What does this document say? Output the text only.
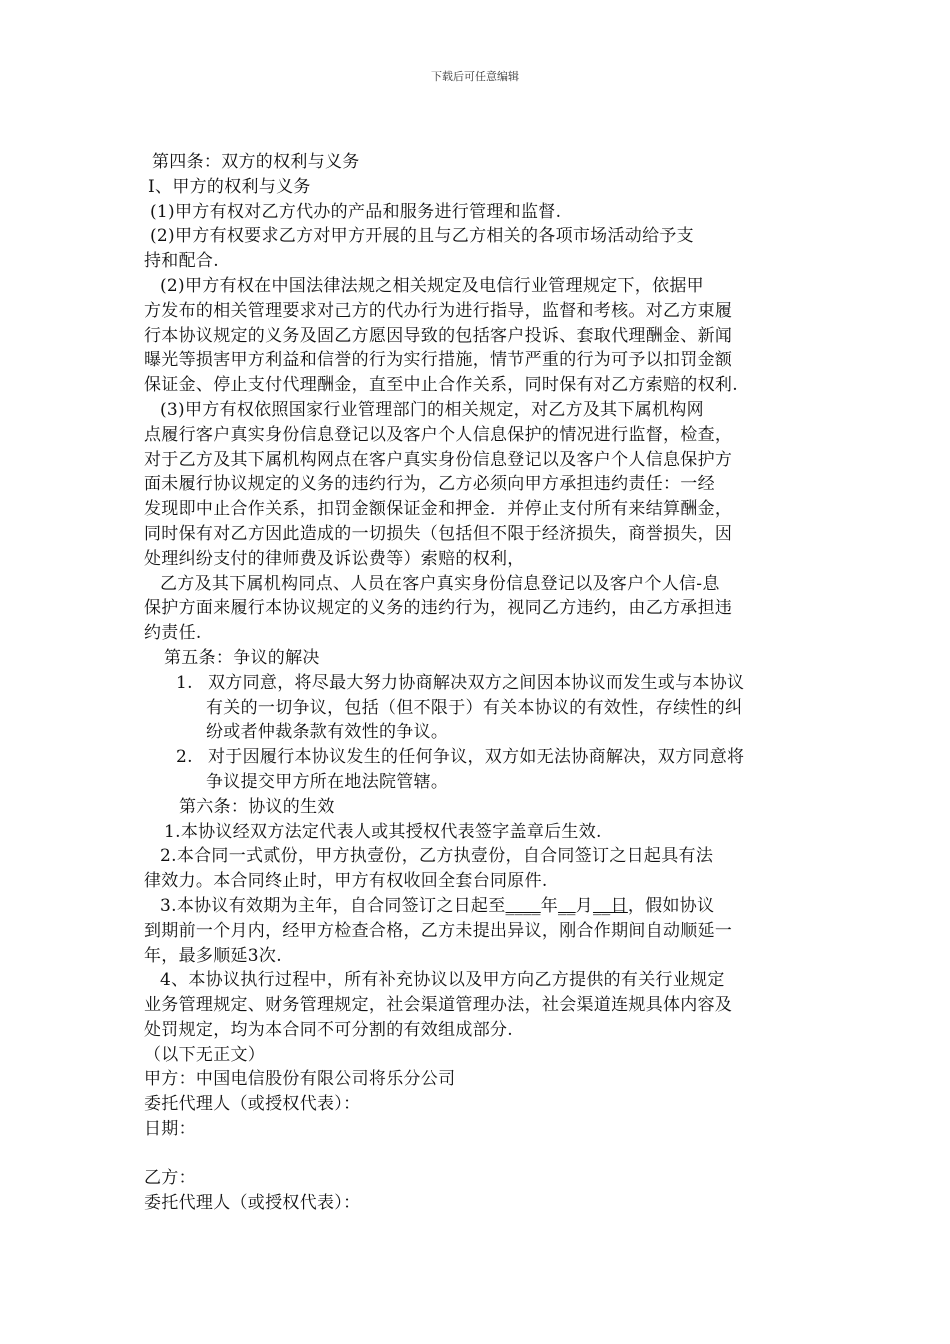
下载后可任意编辑

第四条：双方的权利与义务

I、甲方的权利与义务

(1)甲方有权对乙方代办的产品和服务进行管理和监督.

(2)甲方有权要求乙方对甲方开展的且与乙方相关的各项市场活动给予支

持和配合.

(2)甲方有权在中国法律法规之相关规定及电信行业管理规定下，依据甲

方发布的相关管理要求对己方的代办行为进行指导，监督和考核。对乙方束履

行本协议规定的义务及固乙方愿因导致的包括客户投诉、套取代理酬金、新闻

曝光等损害甲方利益和信誉的行为实行措施，情节严重的行为可予以扣罚金额

保证金、停止支付代理酬金，直至中止合作关系，同时保有对乙方索赔的权利.

(3)甲方有权依照国家行业管理部门的相关规定，对乙方及其下属机构网

点履行客户真实身份信息登记以及客户个人信息保护的情况进行监督，检查，

对于乙方及其下属机构网点在客户真实身份信息登记以及客户个人信息保护方

面未履行协议规定的义务的违约行为，乙方必须向甲方承担违约责任：一经

发现即中止合作关系，扣罚金额保证金和押金．并停止支付所有来结算酬金，

同时保有对乙方因此造成的一切损失（包括但不限于经济损失，商誉损失，因

处理纠纷支付的律师费及诉讼费等）索赔的权利，

乙方及其下属机构同点、人员在客户真实身份信息登记以及客户个人信-息

保护方面来履行本协议规定的义务的违约行为，视同乙方违约，由乙方承担违

约责任.

第五条：争议的解决

1. 双方同意，将尽最大努力协商解决双方之间因本协议而发生或与本协议

有关的一切争议，包括（但不限于）有关本协议的有效性，存续性的纠

纷或者仲裁条款有效性的争议。

2. 对于因履行本协议发生的任何争议，双方如无法协商解决，双方同意将

争议提交甲方所在地法院管辖。

第六条：协议的生效

1.本协议经双方法定代表人或其授权代表签字盖章后生效.

2.本合同一式贰份，甲方执壹份，乙方执壹份，自合同签订之日起具有法

律效力。本合同终止时，甲方有权收回全套台同原件.

3.本协议有效期为主年，自合同签订之日起至____年__月__日，假如协议

到期前一个月内，经甲方检查合格，乙方未提出异议，刚合作期间自动顺延一

年，最多顺延3次.

4、本协议执行过程中，所有补充协议以及甲方向乙方提供的有关行业规定

业务管理规定、财务管理规定，社会渠道管理办法，社会渠道连规具体内容及

处罚规定，均为本合同不可分割的有效组成部分.

（以下无正文）

甲方：中国电信股份有限公司将乐分公司

委托代理人（或授权代表）：

日期：

乙方：

委托代理人（或授权代表）：
